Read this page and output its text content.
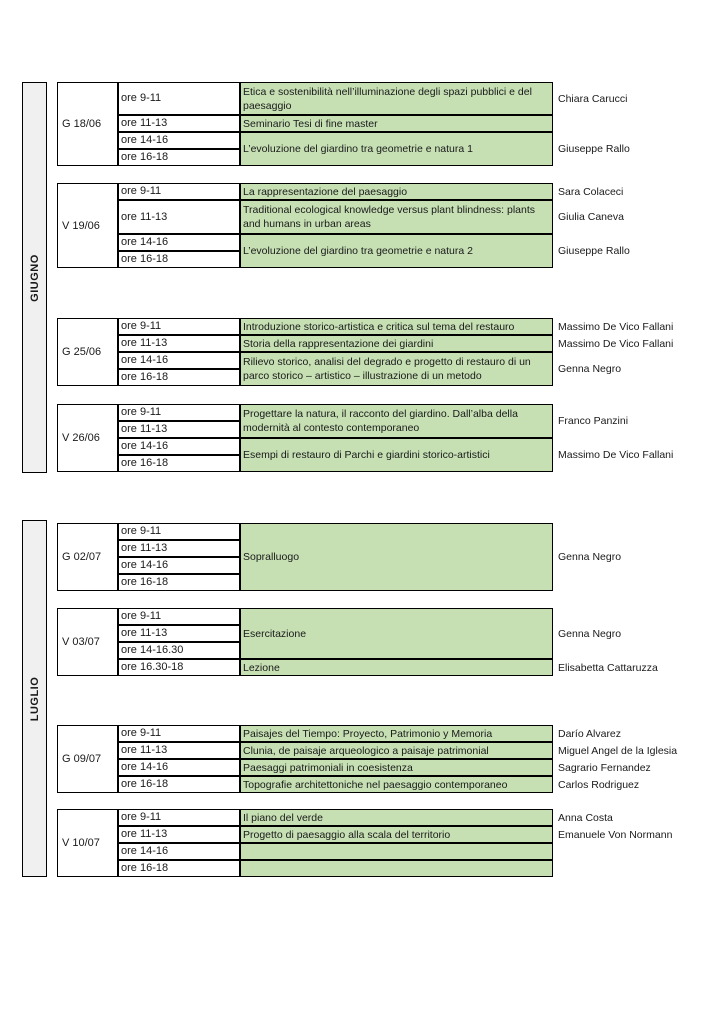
GIUGNO
LUGLIO
G 18/06
ore 9-11
ore 11-13
ore 14-16
ore 16-18
Etica e sostenibilità nell’illuminazione degli spazi pubblici e del paesaggio
Seminario Tesi di fine master
L’evoluzione del giardino tra geometrie e natura 1
Chiara Carucci
Giuseppe Rallo
V 19/06
ore 9-11
ore 11-13
ore 14-16
ore 16-18
La rappresentazione del paesaggio
Traditional ecological knowledge versus plant blindness: plants and humans in urban areas
L’evoluzione del giardino tra geometrie e natura 2
Sara Colaceci
Giulia Caneva
Giuseppe Rallo
G 25/06
ore 9-11
ore 11-13
ore 14-16
ore 16-18
Introduzione storico-artistica e critica sul tema del restauro
Storia della rappresentazione dei giardini
Rilievo storico, analisi del degrado e progetto di restauro di un parco storico – artistico – illustrazione di un metodo
Massimo De Vico Fallani
Massimo De Vico Fallani
Genna Negro
V 26/06
ore 9-11
ore 11-13
ore 14-16
ore 16-18
Progettare la natura, il racconto del giardino. Dall’alba della modernità al contesto contemporaneo
Esempi di restauro di Parchi e giardini storico-artistici
Franco Panzini
Massimo De Vico Fallani
G 02/07
ore 9-11
ore 11-13
ore 14-16
ore 16-18
Sopralluogo	Genna Negro
V 03/07
ore 9-11
ore 11-13
ore 14-16.30
ore 16.30-18
Esercitazione
Lezione
Genna Negro
Elisabetta Cattaruzza
G 09/07
ore 9-11
ore 11-13
ore 14-16
ore 16-18
Paisajes del Tiempo: Proyecto, Patrimonio y Memoria
Clunia, de paisaje arqueologico a paisaje patrimonial
Paesaggi patrimoniali in coesistenza
Topografie architettoniche nel paesaggio contemporaneo
Darío Alvarez
Miguel Angel de la Iglesia
Sagrario Fernandez
Carlos Rodriguez
V 10/07
ore 9-11
ore 11-13
ore 14-16
ore 16-18
Il piano del verde
Progetto di paesaggio alla scala del territorio
Anna Costa
Emanuele Von Normann
